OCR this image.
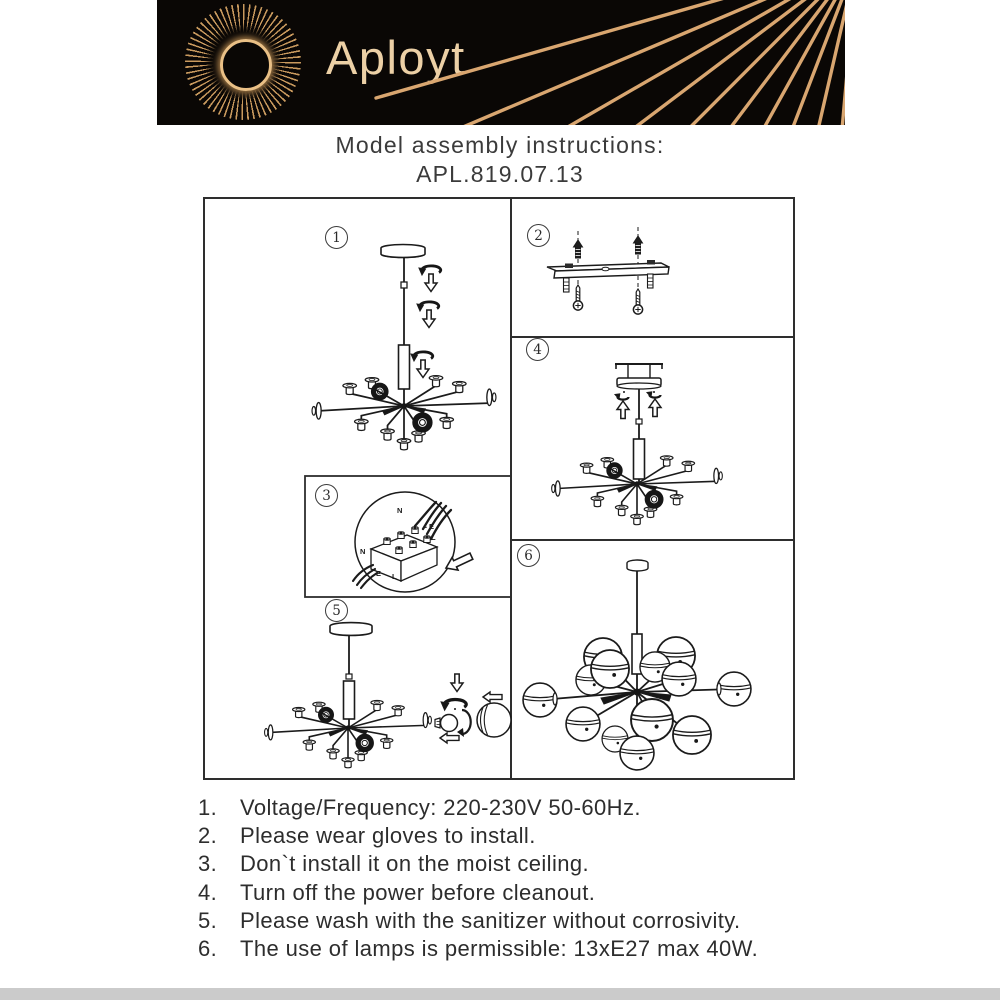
Aployt
Model assembly instructions:
APL.819.07.13
N
E
L
N
E L
1	2
3
4
5
6
1. Voltage/Frequency: 220-230V 50-60Hz.
2. Please wear gloves to install.
3. Don`t install it on the moist ceiling.
4. Turn off the power before cleanout.
5. Please wash with the sanitizer without corrosivity.
6. The use of lamps is permissible: 13xE27 max 40W.
